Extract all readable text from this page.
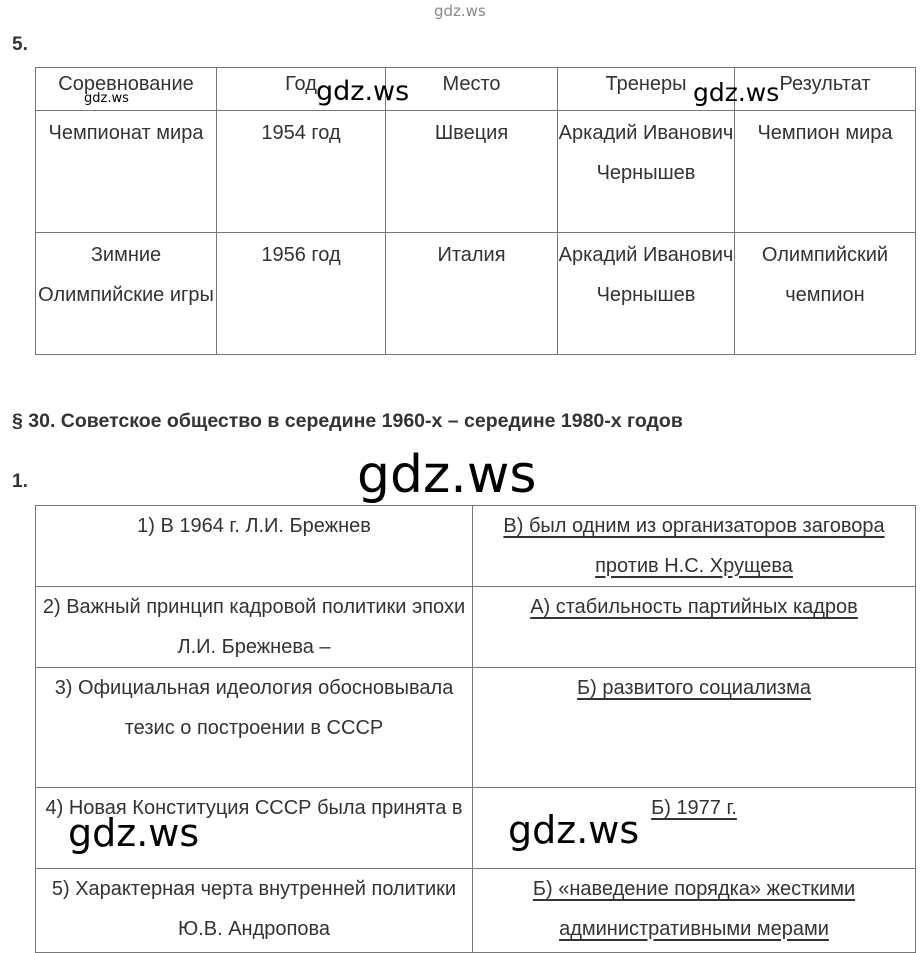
gdz.ws
5.
Соревнование	Год	Место	Тренеры	Результат
Чемпионат мира	1954 год	Швеция	Аркадий Иванович Чернышев	Чемпион мира
Зимние Олимпийские игры	1956 год	Италия	Аркадий Иванович Чернышев	Олимпийский чемпион
gdz.ws	gdz.ws	gdz.ws
§ 30. Советское общество в середине 1960-х – середине 1980-х годов
gdz.ws
1.
1) В 1964 г. Л.И. Брежнев	В) был одним из организаторов заговора против Н.С. Хрущева
2) Важный принцип кадровой политики эпохи Л.И. Брежнева –	А) стабильность партийных кадров
3) Официальная идеология обосновывала тезис о построении в СССР	Б) развитого социализма
4) Новая Конституция СССР была принята в	Б) 1977 г.
5) Характерная черта внутренней политики Ю.В. Андропова	Б) «наведение порядка» жесткими административными мерами
gdz.ws	gdz.ws
